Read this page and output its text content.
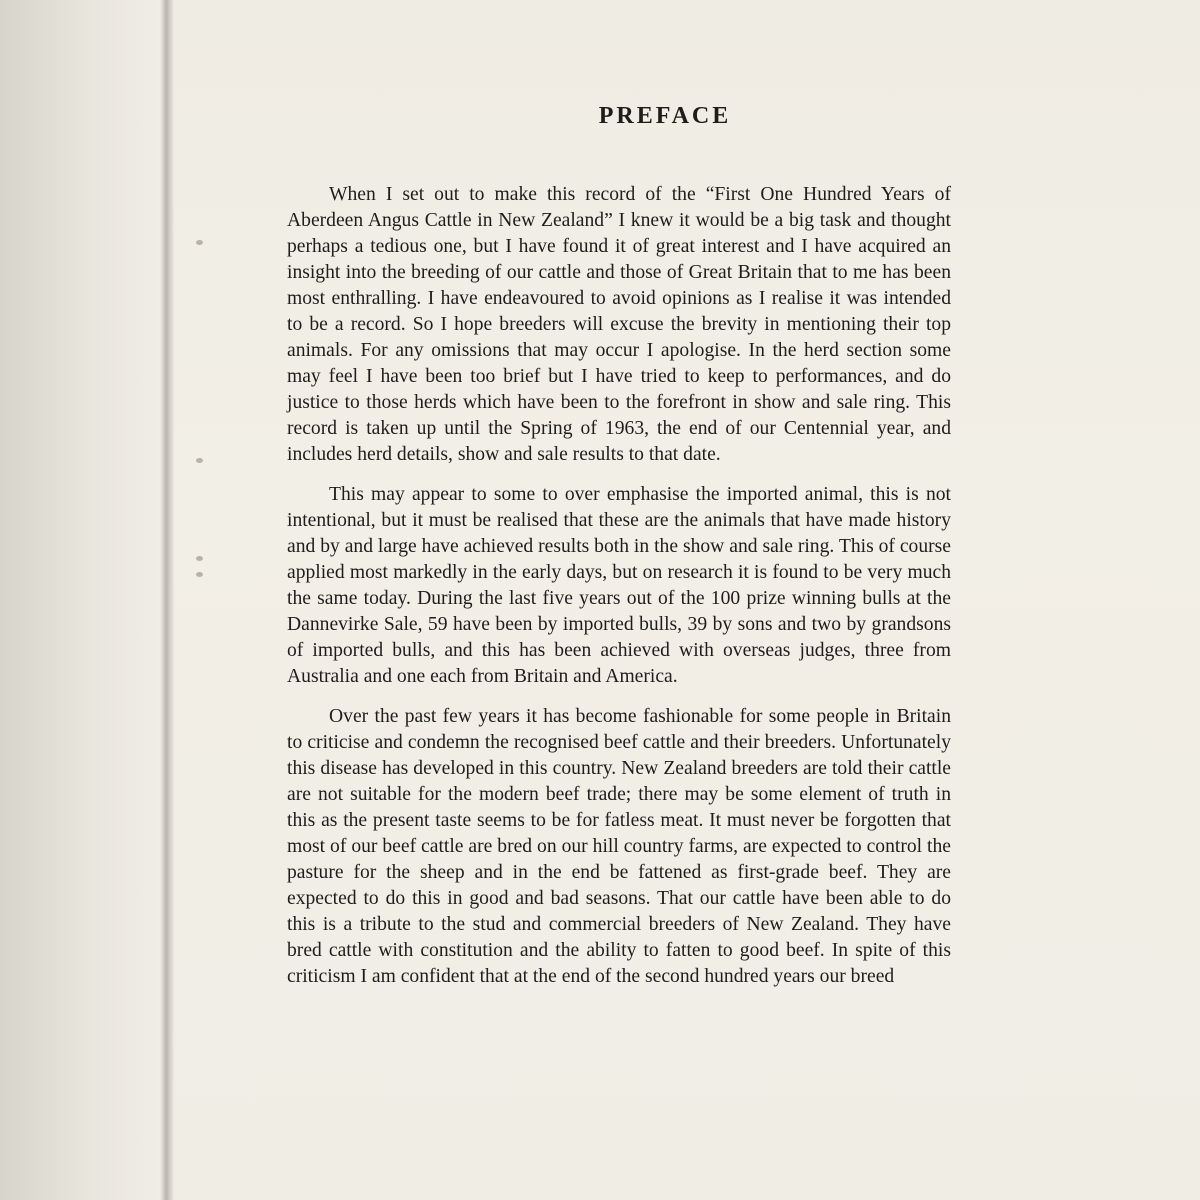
PREFACE

When I set out to make this record of the “First One Hundred Years of Aberdeen Angus Cattle in New Zealand” I knew it would be a big task and thought perhaps a tedious one, but I have found it of great interest and I have acquired an insight into the breeding of our cattle and those of Great Britain that to me has been most enthralling. I have endeavoured to avoid opinions as I realise it was intended to be a record. So I hope breeders will excuse the brevity in mentioning their top animals. For any omissions that may occur I apologise. In the herd section some may feel I have been too brief but I have tried to keep to performances, and do justice to those herds which have been to the forefront in show and sale ring. This record is taken up until the Spring of 1963, the end of our Centennial year, and includes herd details, show and sale results to that date.

This may appear to some to over emphasise the imported animal, this is not intentional, but it must be realised that these are the animals that have made history and by and large have achieved results both in the show and sale ring. This of course applied most markedly in the early days, but on research it is found to be very much the same today. During the last five years out of the 100 prize winning bulls at the Dannevirke Sale, 59 have been by imported bulls, 39 by sons and two by grandsons of imported bulls, and this has been achieved with overseas judges, three from Australia and one each from Britain and America.

Over the past few years it has become fashionable for some people in Britain to criticise and condemn the recognised beef cattle and their breeders. Unfortunately this disease has developed in this country. New Zealand breeders are told their cattle are not suitable for the modern beef trade; there may be some element of truth in this as the present taste seems to be for fatless meat. It must never be forgotten that most of our beef cattle are bred on our hill country farms, are expected to control the pasture for the sheep and in the end be fattened as first-grade beef. They are expected to do this in good and bad seasons. That our cattle have been able to do this is a tribute to the stud and commercial breeders of New Zealand. They have bred cattle with constitution and the ability to fatten to good beef. In spite of this criticism I am confident that at the end of the second hundred years our breed
